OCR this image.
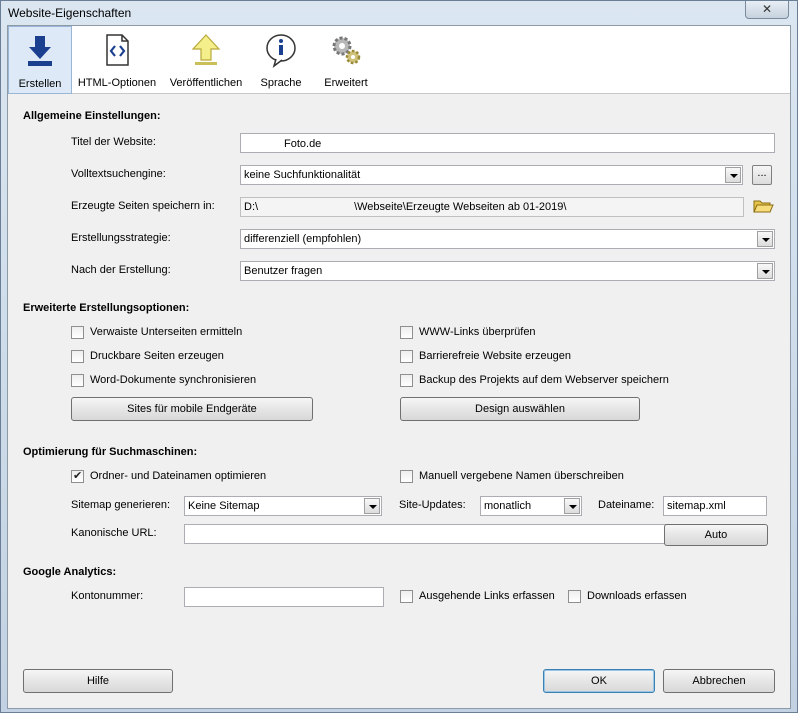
Website-Eigenschaften	✕
Erstellen	HTML-Optionen	Veröffentlichen	Sprache	Erweitert
Allgemeine Einstellungen:
Titel der Website:	Foto.de
Volltextsuchengine:	keine Suchfunktionalität	...
Erzeugte Seiten speichern in:	D:\	\Webseite\Erzeugte Webseiten ab 01-2019\
Erstellungsstrategie:	differenziell (empfohlen)
Nach der Erstellung:	Benutzer fragen
Erweiterte Erstellungsoptionen:
Verwaiste Unterseiten ermitteln
Druckbare Seiten erzeugen
Word-Dokumente synchronisieren
WWW-Links überprüfen
Barrierefreie Website erzeugen
Backup des Projekts auf dem Webserver speichern
Sites für mobile Endgeräte	Design auswählen
Optimierung für Suchmaschinen:
✔
Ordner- und Dateinamen optimieren	Manuell vergebene Namen überschreiben
Sitemap generieren: Keine Sitemap	Site-Updates: monatlich	Dateiname:	sitemap.xml
Kanonische URL:	Auto
Google Analytics:
Kontonummer:	Ausgehende Links erfassen	Downloads erfassen
Hilfe	OK	Abbrechen
